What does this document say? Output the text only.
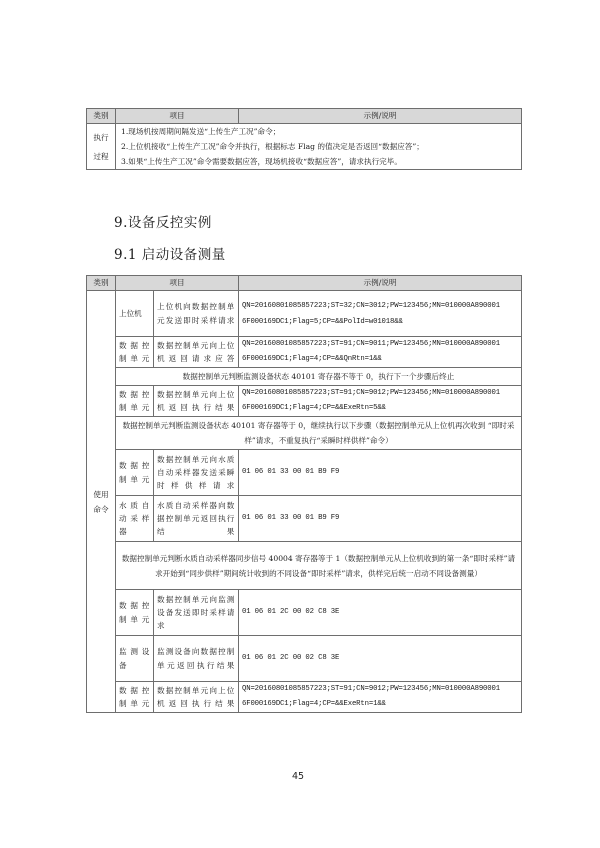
类别	项目	示例/说明
执行
过程	1.现场机按周期间隔发送“上传生产工况”命令；	
	2.上位机接收“上传生产工况”命令并执行，根据标志 Flag 的值决定是否返回“数据应答”；	
	3.如果“上传生产工况”命令需要数据应答，现场机接收“数据应答”，请求执行完毕。	
9.设备反控实例
9.1 启动设备测量
类别	项目		示例/说明
使用
命令	上位机	上位机向数据控制单元发送即时采样请求	QN=20160801085857223;ST=32;CN=3012;PW=123456;MN=010000A890001
6F000169DC1;Flag=5;CP=&&PolId=w01018&&
	数据控制单元	数据控制单元向上位机返回请求应答	QN=20160801085857223;ST=91;CN=9011;PW=123456;MN=010000A890001
6F000169DC1;Flag=4;CP=&&QnRtn=1&&
	数据控制单元判断监测设备状态 40101 寄存器不等于 0，执行下一个步骤后终止		
	数据控制单元	数据控制单元向上位机返回执行结果	QN=20160801085857223;ST=91;CN=9012;PW=123456;MN=010000A890001
6F000169DC1;Flag=4;CP=&&ExeRtn=5&&
	数据控制单元判断监测设备状态 40101 寄存器等于 0，继续执行以下步骤（数据控制单元从上位机再次收到 “即时采样”请求，不重复执行“采瞬时样供样”命令）		
	数据控制单元	数据控制单元向水质自动采样器发送采瞬时样供样请求	01 06 01 33 00 01 B9 F9
	水质自动采样器	水质自动采样器向数据控制单元返回执行结果	01 06 01 33 00 01 B9 F9
	数据控制单元判断水质自动采样器同步信号 40004 寄存器等于 1（数据控制单元从上位机收到的第一条“即时采样”请求开始到“同步供样”期间统计收到的不同设备“即时采样”请求，供样完后统一启动不同设备测量）		
	数据控制单元	数据控制单元向监测设备发送即时采样请求	01 06 01 2C 00 02 C8 3E
	监测设备	监测设备向数据控制单元返回执行结果	01 06 01 2C 00 02 C8 3E
	数据控制单元	数据控制单元向上位机返回执行结果	QN=20160801085857223;ST=91;CN=9012;PW=123456;MN=010000A890001
6F000169DC1;Flag=4;CP=&&ExeRtn=1&&
45
